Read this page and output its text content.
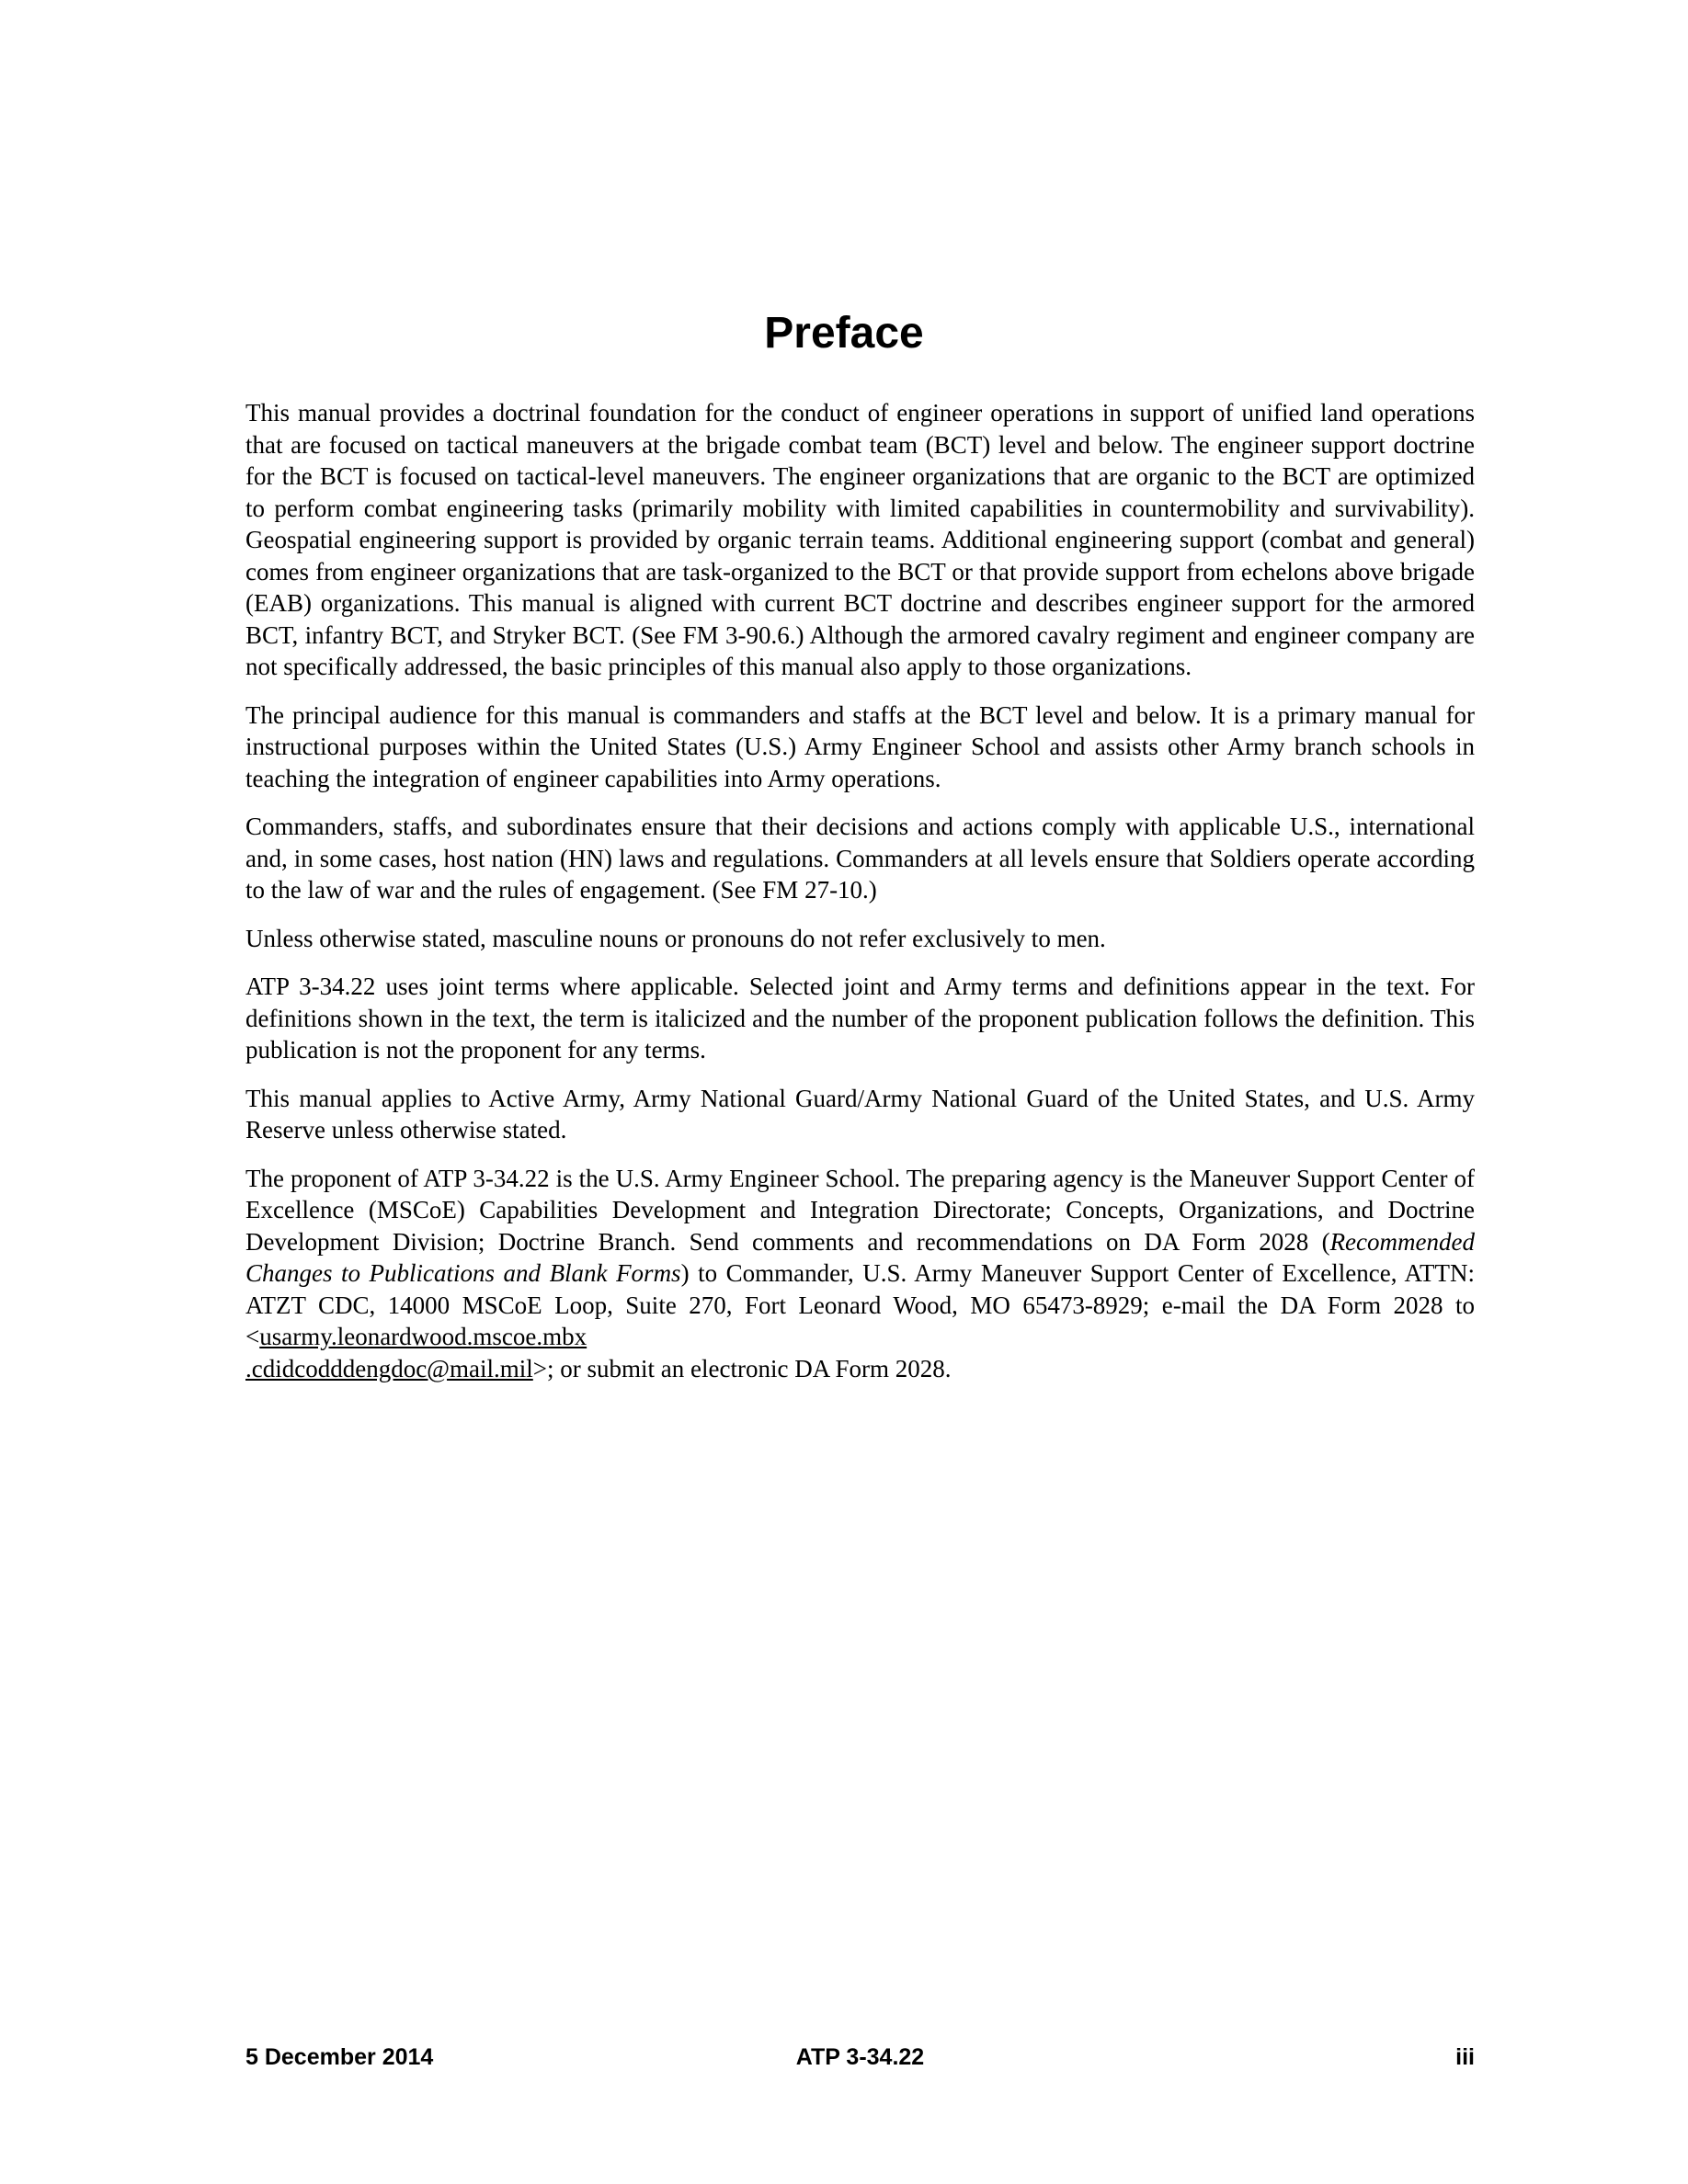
Preface

This manual provides a doctrinal foundation for the conduct of engineer operations in support of unified land operations that are focused on tactical maneuvers at the brigade combat team (BCT) level and below. The engineer support doctrine for the BCT is focused on tactical-level maneuvers. The engineer organizations that are organic to the BCT are optimized to perform combat engineering tasks (primarily mobility with limited capabilities in countermobility and survivability). Geospatial engineering support is provided by organic terrain teams. Additional engineering support (combat and general) comes from engineer organizations that are task-organized to the BCT or that provide support from echelons above brigade (EAB) organizations. This manual is aligned with current BCT doctrine and describes engineer support for the armored BCT, infantry BCT, and Stryker BCT. (See FM 3-90.6.) Although the armored cavalry regiment and engineer company are not specifically addressed, the basic principles of this manual also apply to those organizations.

The principal audience for this manual is commanders and staffs at the BCT level and below. It is a primary manual for instructional purposes within the United States (U.S.) Army Engineer School and assists other Army branch schools in teaching the integration of engineer capabilities into Army operations.

Commanders, staffs, and subordinates ensure that their decisions and actions comply with applicable U.S., international and, in some cases, host nation (HN) laws and regulations. Commanders at all levels ensure that Soldiers operate according to the law of war and the rules of engagement. (See FM 27-10.)

Unless otherwise stated, masculine nouns or pronouns do not refer exclusively to men.

ATP 3-34.22 uses joint terms where applicable. Selected joint and Army terms and definitions appear in the text. For definitions shown in the text, the term is italicized and the number of the proponent publication follows the definition. This publication is not the proponent for any terms.

This manual applies to Active Army, Army National Guard/Army National Guard of the United States, and U.S. Army Reserve unless otherwise stated.

The proponent of ATP 3-34.22 is the U.S. Army Engineer School. The preparing agency is the Maneuver Support Center of Excellence (MSCoE) Capabilities Development and Integration Directorate; Concepts, Organizations, and Doctrine Development Division; Doctrine Branch. Send comments and recommendations on DA Form 2028 (Recommended Changes to Publications and Blank Forms) to Commander, U.S. Army Maneuver Support Center of Excellence, ATTN: ATZT CDC, 14000 MSCoE Loop, Suite 270, Fort Leonard Wood, MO 65473-8929; e-mail the DA Form 2028 to <usarmy.leonardwood.mscoe.mbx
.cdidcodddengdoc@mail.mil>; or submit an electronic DA Form 2028.

5 December 2014	ATP 3-34.22	iii
